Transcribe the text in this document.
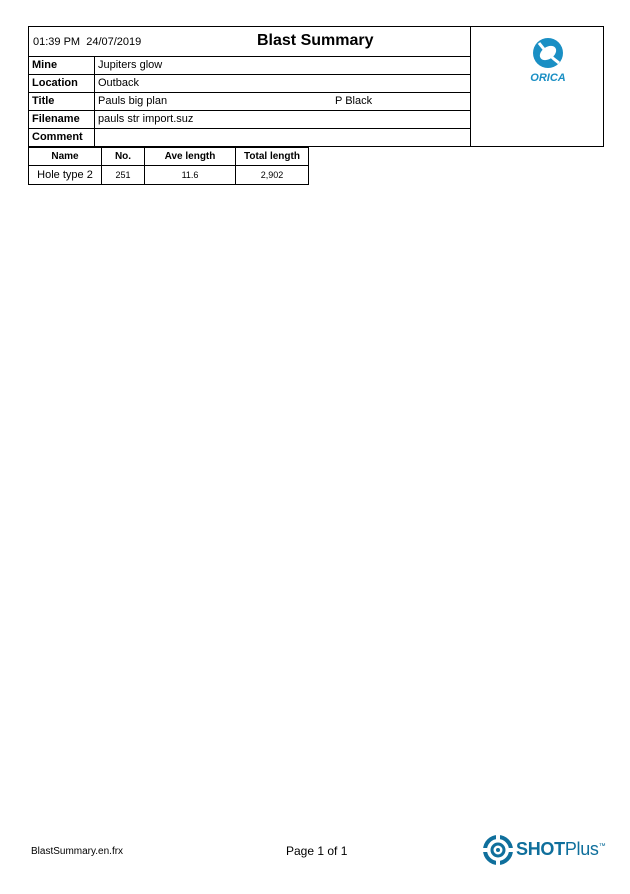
01:39 PM 24/07/2019	Blast Summary
Mine	Jupiters glow
Location	Outback
Title	Pauls big plan	P Black
Filename	pauls str import.suz
Comment
ORICA
Name	No.	Ave length	Total length
Hole type 2	251	11.6	2,902
BlastSummary.en.frx	Page 1 of 1	SHOTPlus™
